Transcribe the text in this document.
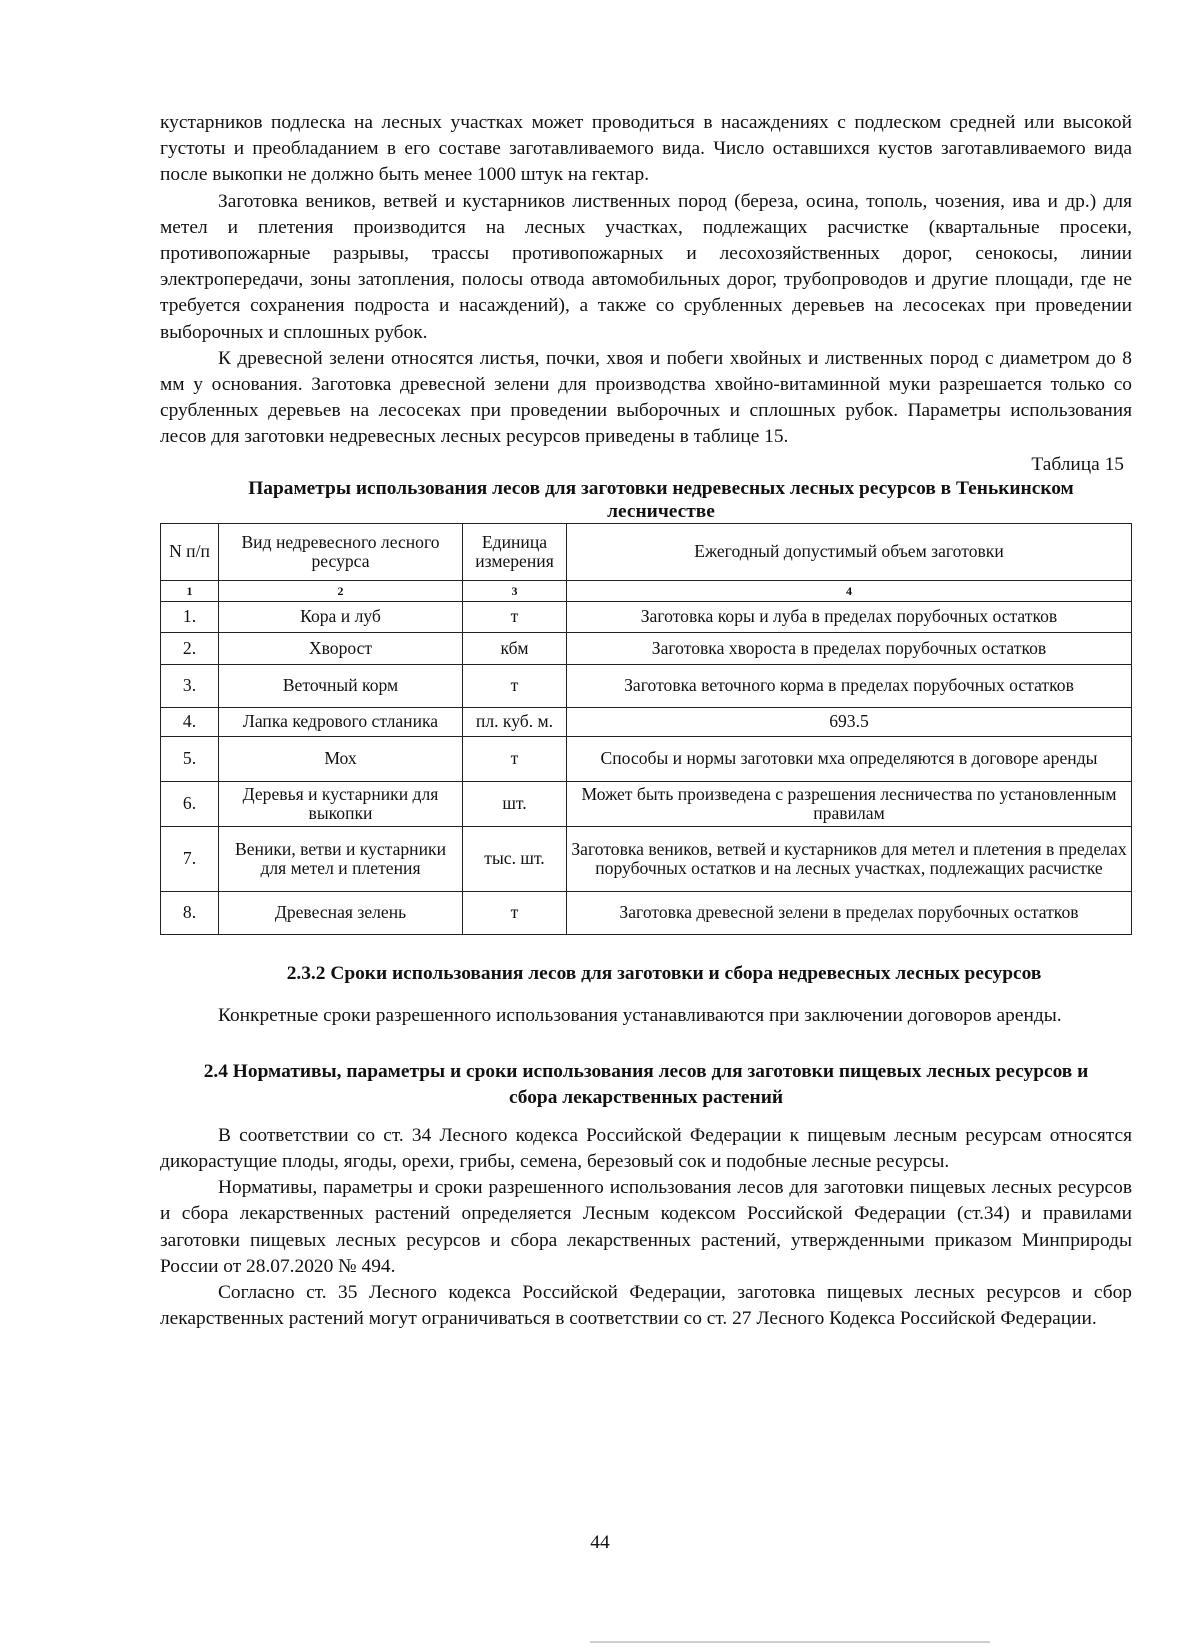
кустарников подлеска на лесных участках может проводиться в насаждениях с подлеском средней или высокой густоты и преобладанием в его составе заготавливаемого вида. Число оставшихся кустов заготавливаемого вида после выкопки не должно быть менее 1000 штук на гектар.

Заготовка веников, ветвей и кустарников лиственных пород (береза, осина, тополь, чозения, ива и др.) для метел и плетения производится на лесных участках, подлежащих расчистке (квартальные просеки, противопожарные разрывы, трассы противопожарных и лесохозяйственных дорог, сенокосы, линии электропередачи, зоны затопления, полосы отвода автомобильных дорог, трубопроводов и другие площади, где не требуется сохранения подроста и насаждений), а также со срубленных деревьев на лесосеках при проведении выборочных и сплошных рубок.

К древесной зелени относятся листья, почки, хвоя и побеги хвойных и лиственных пород с диаметром до 8 мм у основания. Заготовка древесной зелени для производства хвойно-витаминной муки разрешается только со срубленных деревьев на лесосеках при проведении выборочных и сплошных рубок. Параметры использования лесов для заготовки недревесных лесных ресурсов приведены в таблице 15.

Таблица 15
Параметры использования лесов для заготовки недревесных лесных ресурсов в Тенькинском лесничестве
N п/п	Вид недревесного лесного ресурса	Единица измерения	Ежегодный допустимый объем заготовки
1	2	3	4
1.	Кора и луб	т	Заготовка коры и луба в пределах порубочных остатков
2.	Хворост	кбм	Заготовка хвороста в пределах порубочных остатков
3.	Веточный корм	т	Заготовка веточного корма в пределах порубочных остатков
4.	Лапка кедрового стланика	пл. куб. м.	693.5
5.	Мох	т	Способы и нормы заготовки мха определяются в договоре аренды
6.	Деревья и кустарники для выкопки	шт.	Может быть произведена с разрешения лесничества по установленным правилам
7.	Веники, ветви и кустарники для метел и плетения	тыс. шт.	Заготовка веников, ветвей и кустарников для метел и плетения в пределах порубочных остатков и на лесных участках, подлежащих расчистке
8.	Древесная зелень	т	Заготовка древесной зелени в пределах порубочных остатков
2.3.2 Сроки использования лесов для заготовки и сбора недревесных лесных ресурсов

Конкретные сроки разрешенного использования устанавливаются при заключении договоров аренды.

2.4 Нормативы, параметры и сроки использования лесов для заготовки пищевых лесных ресурсов и сбора лекарственных растений

В соответствии со ст. 34 Лесного кодекса Российской Федерации к пищевым лесным ресурсам относятся дикорастущие плоды, ягоды, орехи, грибы, семена, березовый сок и подобные лесные ресурсы.

Нормативы, параметры и сроки разрешенного использования лесов для заготовки пищевых лесных ресурсов и сбора лекарственных растений определяется Лесным кодексом Российской Федерации (ст.34) и правилами заготовки пищевых лесных ресурсов и сбора лекарственных растений, утвержденными приказом Минприроды России от 28.07.2020 № 494.

Согласно ст. 35 Лесного кодекса Российской Федерации, заготовка пищевых лесных ресурсов и сбор лекарственных растений могут ограничиваться в соответствии со ст. 27 Лесного Кодекса Российской Федерации.

44
